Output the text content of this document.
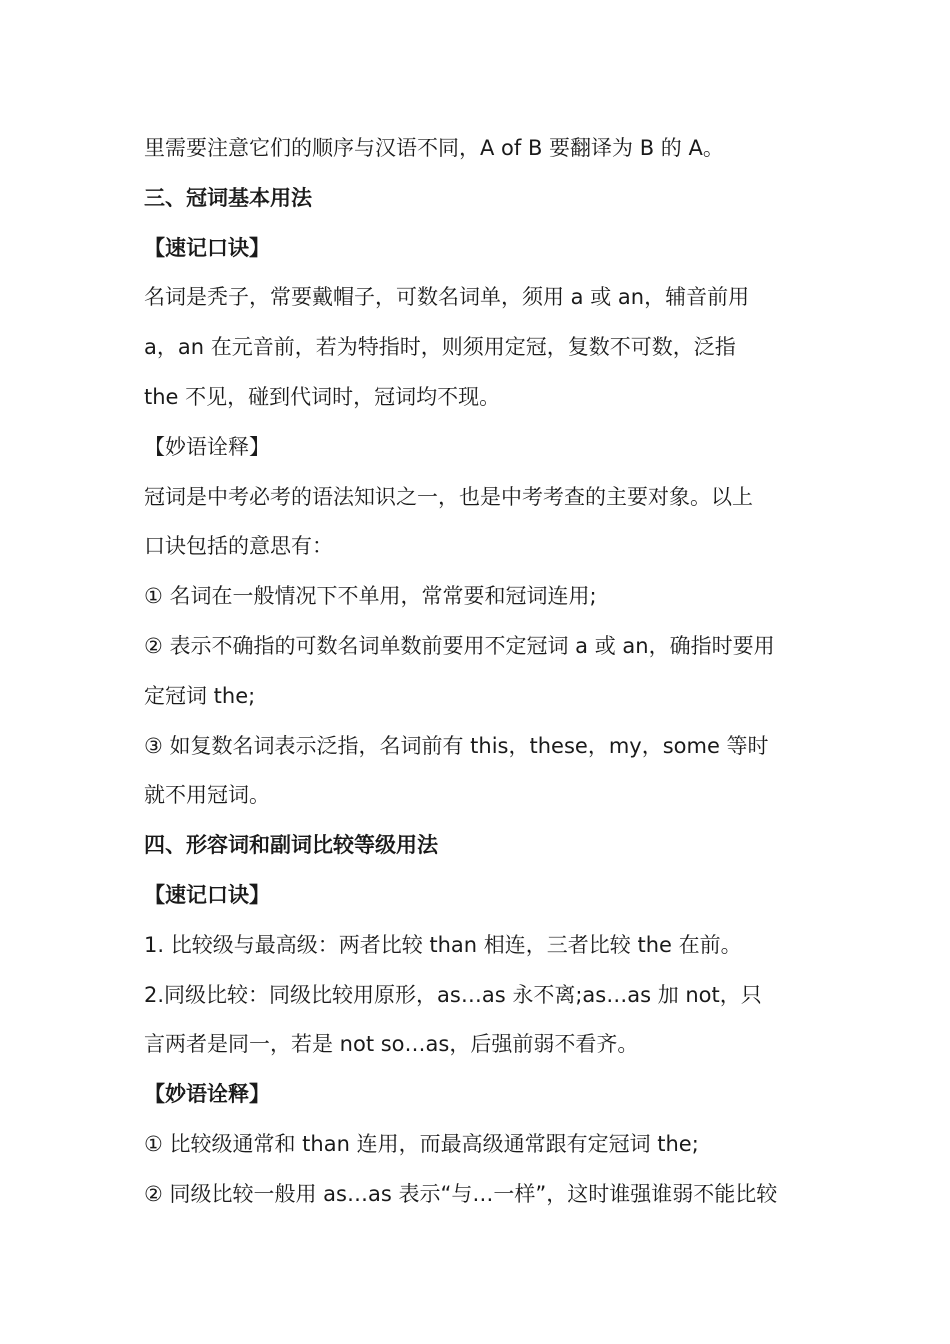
里需要注意它们的顺序与汉语不同，A of B 要翻译为 B 的 A。
三、冠词基本用法
【速记口诀】
名词是秃子，常要戴帽子，可数名词单，须用 a 或 an，辅音前用
a，an 在元音前，若为特指时，则须用定冠，复数不可数，泛指
the 不见，碰到代词时，冠词均不现。
【妙语诠释】
冠词是中考必考的语法知识之一，也是中考考查的主要对象。以上
口诀包括的意思有：
① 名词在一般情况下不单用，常常要和冠词连用;
② 表示不确指的可数名词单数前要用不定冠词 a 或 an，确指时要用
定冠词 the;
③ 如复数名词表示泛指，名词前有 this，these，my，some 等时
就不用冠词。
四、形容词和副词比较等级用法
【速记口诀】
1. 比较级与最高级：两者比较 than 相连，三者比较 the 在前。
2.同级比较：同级比较用原形，as…as 永不离;as…as 加 not，只
言两者是同一，若是 not so…as，后强前弱不看齐。
【妙语诠释】
① 比较级通常和 than 连用，而最高级通常跟有定冠词 the;
② 同级比较一般用 as…as 表示“与…一样”，这时谁强谁弱不能比较
